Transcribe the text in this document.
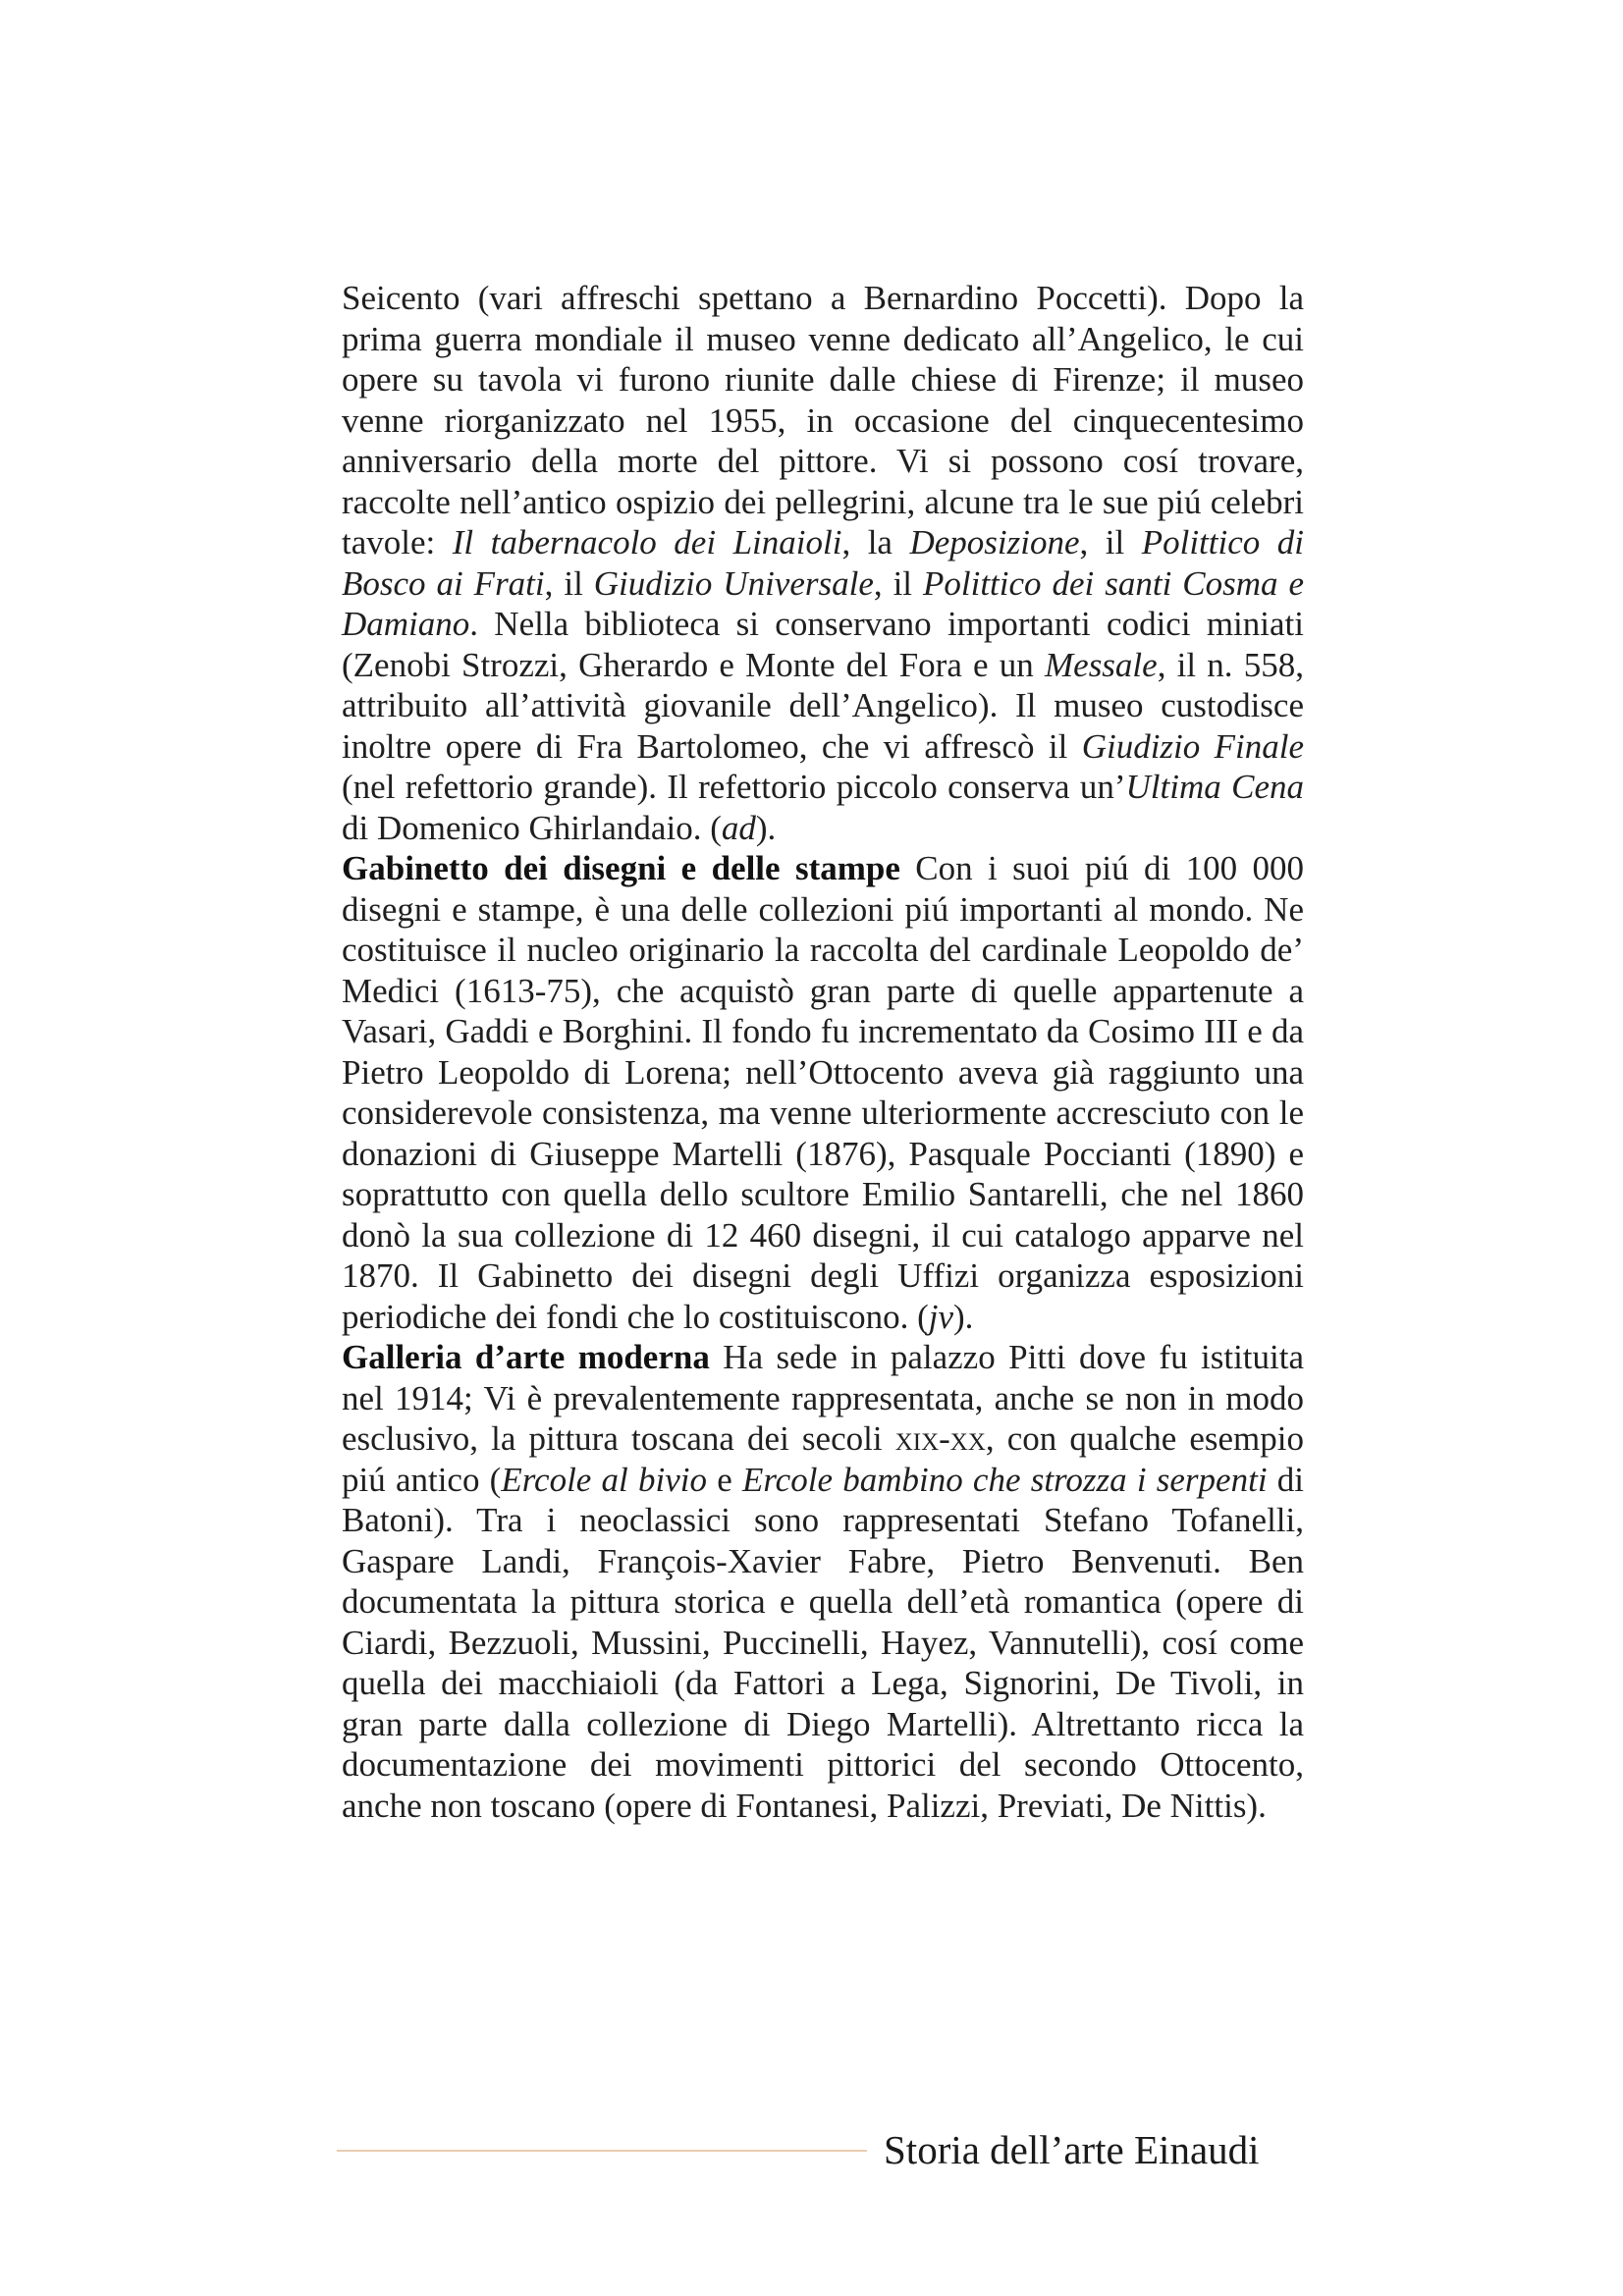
Seicento (vari affreschi spettano a Bernardino Poccetti). Dopo la prima guerra mondiale il museo venne dedicato all’Angelico, le cui opere su tavola vi furono riunite dalle chiese di Firenze; il museo venne riorganizzato nel 1955, in occasione del cinquecentesimo anniversario della morte del pittore. Vi si possono cosí trovare, raccolte nell’antico ospizio dei pellegrini, alcune tra le sue piú celebri tavole: Il tabernacolo dei Linaioli, la Deposizione, il Polittico di Bosco ai Frati, il Giudizio Universale, il Polittico dei santi Cosma e Damiano. Nella biblioteca si conservano importanti codici miniati (Zenobi Strozzi, Gherardo e Monte del Fora e un Messale, il n. 558, attribuito all’attività giovanile dell’Angelico). Il museo custodisce inoltre opere di Fra Bartolomeo, che vi affrescò il Giudizio Finale (nel refettorio grande). Il refettorio piccolo conserva un’Ultima Cena di Domenico Ghirlandaio. (ad).

Gabinetto dei disegni e delle stampe Con i suoi piú di 100 000 disegni e stampe, è una delle collezioni piú importanti al mondo. Ne costituisce il nucleo originario la raccolta del cardinale Leopoldo de’ Medici (1613-75), che acquistò gran parte di quelle appartenute a Vasari, Gaddi e Borghini. Il fondo fu incrementato da Cosimo III e da Pietro Leopoldo di Lorena; nell’Ottocento aveva già raggiunto una considerevole consistenza, ma venne ulteriormente accresciuto con le donazioni di Giuseppe Martelli (1876), Pasquale Poccianti (1890) e soprattutto con quella dello scultore Emilio Santarelli, che nel 1860 donò la sua collezione di 12 460 disegni, il cui catalogo apparve nel 1870. Il Gabinetto dei disegni degli Uffizi organizza esposizioni periodiche dei fondi che lo costituiscono. (jv).

Galleria d’arte moderna Ha sede in palazzo Pitti dove fu istituita nel 1914; Vi è prevalentemente rappresentata, anche se non in modo esclusivo, la pittura toscana dei secoli xix-xx, con qualche esempio piú antico (Ercole al bivio e Ercole bambino che strozza i serpenti di Batoni). Tra i neoclassici sono rappresentati Stefano Tofanelli, Gaspare Landi, François-Xavier Fabre, Pietro Benvenuti. Ben documentata la pittura storica e quella dell’età romantica (opere di Ciardi, Bezzuoli, Mussini, Puccinelli, Hayez, Vannutelli), cosí come quella dei macchiaioli (da Fattori a Lega, Signorini, De Tivoli, in gran parte dalla collezione di Diego Martelli). Altrettanto ricca la documentazione dei movimenti pittorici del secondo Ottocento, anche non toscano (opere di Fontanesi, Palizzi, Previati, De Nittis).

Storia dell’arte Einaudi
